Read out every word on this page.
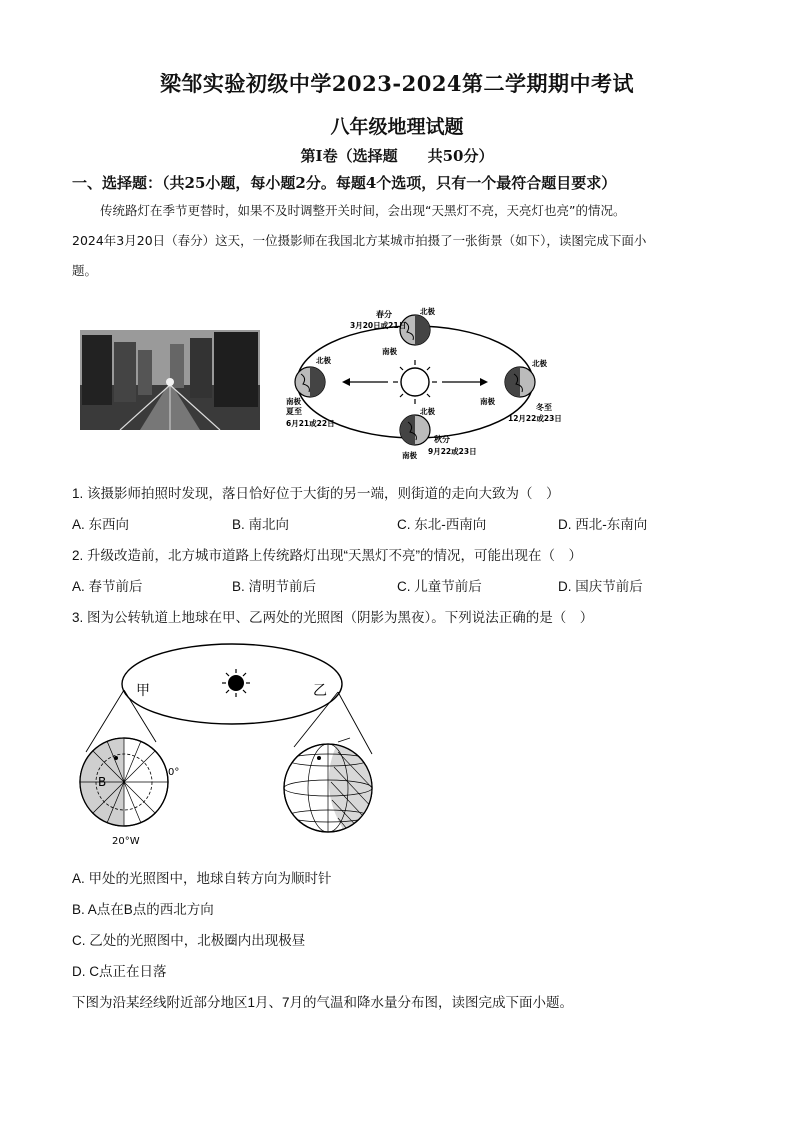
梁邹实验初级中学2023-2024第二学期期中考试
八年级地理试题
第Ⅰ卷（选择题　　共50分）
一、选择题：（共25小题，每小题2分。每题4个选项，只有一个最符合题目要求）

传统路灯在季节更替时，如果不及时调整开关时间，会出现“天黑灯不亮，天亮灯也亮”的情况。

2024年3月20日（春分）这天，一位摄影师在我国北方某城市拍摄了一张街景（如下），读图完成下面小

题。

春分
3月20日或21日
北极
南极
北极
南极
夏至
6月21或22日
北极
南极
冬至
12月22或23日
北极
秋分
南极 9月22或23日
1. 该摄影师拍照时发现，落日恰好位于大街的另一端，则街道的走向大致为（　）
A. 东西向	B. 南北向	C. 东北-西南向	D. 西北-东南向
2. 升级改造前，北方城市道路上传统路灯出现“天黑灯不亮”的情况，可能出现在（　）
A. 春节前后	B. 清明节前后	C. 儿童节前后	D. 国庆节前后
3. 图为公转轨道上地球在甲、乙两处的光照图（阴影为黑夜）。下列说法正确的是（　）
甲	乙
B
0°
20°W
A. 甲处的光照图中，地球自转方向为顺时针
B. A点在B点的西北方向
C. 乙处的光照图中，北极圈内出现极昼
D. C点正在日落
下图为沿某经线附近部分地区1月、7月的气温和降水量分布图，读图完成下面小题。
